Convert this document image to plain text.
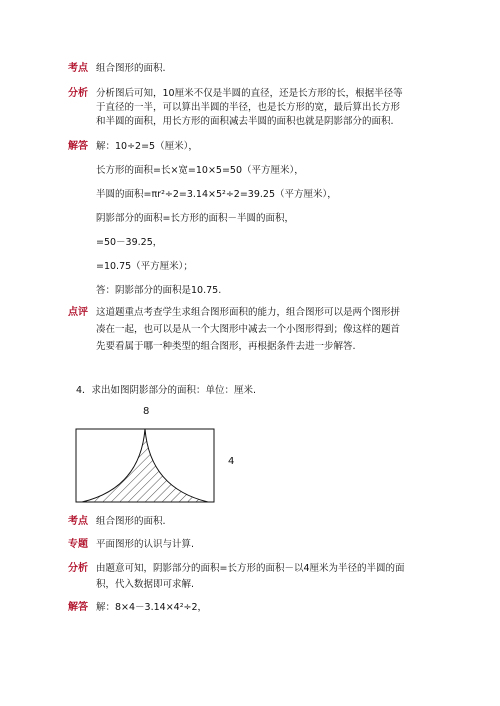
考点 组合图形的面积.
分析 分析图后可知，10厘米不仅是半圆的直径，还是长方形的长，根据半径等
于直径的一半，可以算出半圆的半径，也是长方形的宽，最后算出长方形
和半圆的面积，用长方形的面积减去半圆的面积也就是阴影部分的面积.
解答 解：10÷2=5（厘米），
长方形的面积=长×宽=10×5=50（平方厘米），
半圆的面积=πr²÷2=3.14×5²÷2=39.25（平方厘米），
阴影部分的面积=长方形的面积－半圆的面积，
=50－39.25，
=10.75（平方厘米）；
答：阴影部分的面积是10.75.
点评 这道题重点考查学生求组合图形面积的能力，组合图形可以是两个图形拼
凑在一起，也可以是从一个大图形中减去一个小图形得到；像这样的题首
先要看属于哪一种类型的组合图形，再根据条件去进一步解答.
4．求出如图阴影部分的面积：单位：厘米.
8
4
考点 组合图形的面积.
专题 平面图形的认识与计算.
分析 由题意可知，阴影部分的面积=长方形的面积－以4厘米为半径的半圆的面
积，代入数据即可求解.
解答 解：8×4－3.14×4²÷2，
